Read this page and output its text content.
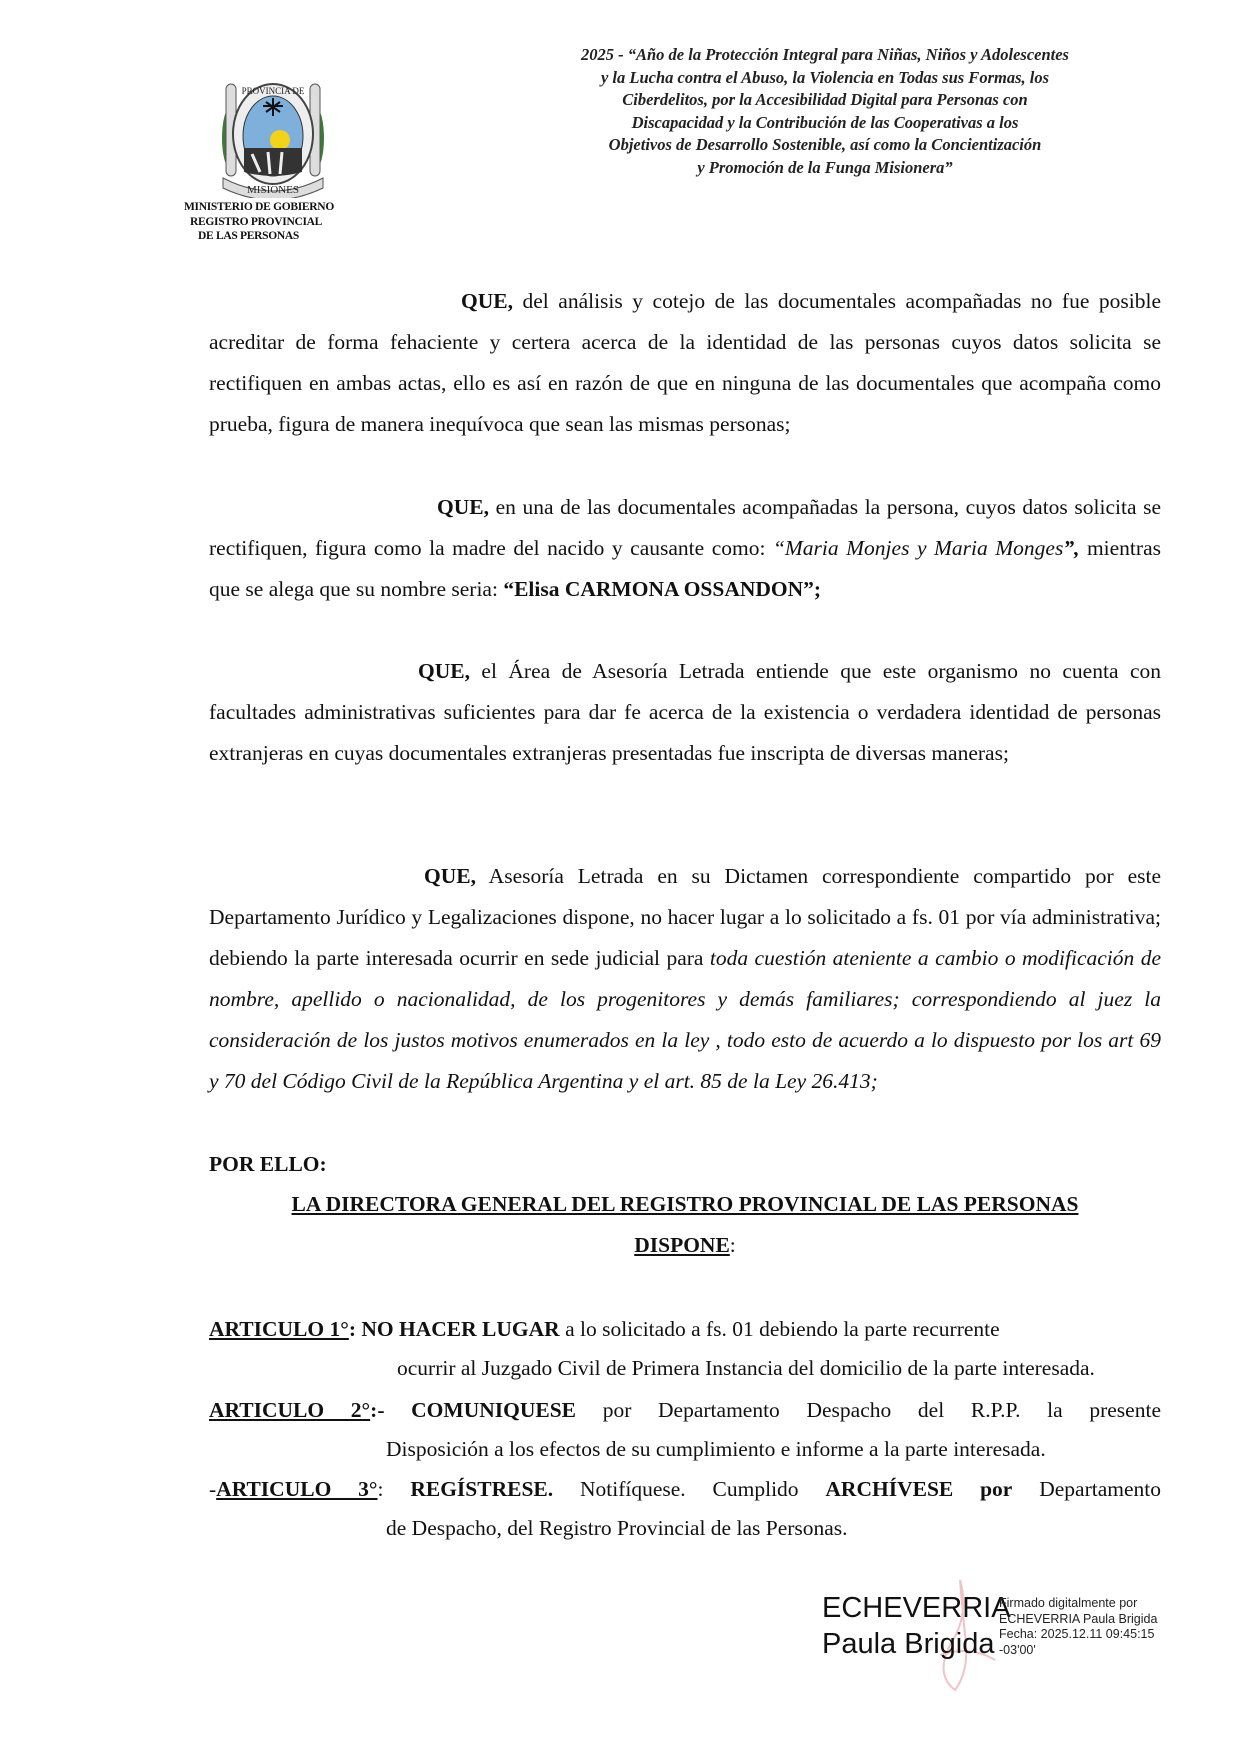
2025 - “Año de la Protección Integral para Niñas, Niños y Adolescentes
y la Lucha contra el Abuso, la Violencia en Todas sus Formas, los
Ciberdelitos, por la Accesibilidad Digital para Personas con
Discapacidad y la Contribución de las Cooperativas a los
Objetivos de Desarrollo Sostenible, así como la Concientización
y Promoción de la Funga Misionera”
MISIONES
PROVINCIA DE
MINISTERIO DE GOBIERNO
REGISTRO PROVINCIAL
DE LAS PERSONAS
QUE, del análisis y cotejo de las documentales acompañadas no fue posible acreditar de forma fehaciente y certera acerca de la identidad de las personas cuyos datos solicita se rectifiquen en ambas actas, ello es así en razón de que en ninguna de las documentales que acompaña como prueba, figura de manera inequívoca que sean las mismas personas;
QUE, en una de las documentales acompañadas la persona, cuyos datos solicita se rectifiquen, figura como la madre del nacido y causante como: “Maria Monjes y Maria Monges”, mientras que se alega que su nombre seria: “Elisa CARMONA OSSANDON”;
QUE, el Área de Asesoría Letrada entiende que este organismo no cuenta con facultades administrativas suficientes para dar fe acerca de la existencia o verdadera identidad de personas extranjeras en cuyas documentales extranjeras presentadas fue inscripta de diversas maneras;
QUE, Asesoría Letrada en su Dictamen correspondiente compartido por este Departamento Jurídico y Legalizaciones dispone, no hacer lugar a lo solicitado a fs. 01 por vía administrativa; debiendo la parte interesada ocurrir en sede judicial para toda cuestión ateniente a cambio o modificación de nombre, apellido o nacionalidad, de los progenitores y demás familiares; correspondiendo al juez la consideración de los justos motivos enumerados en la ley , todo esto de acuerdo a lo dispuesto por los art 69 y 70 del Código Civil de la República Argentina y el art. 85 de la Ley 26.413;
POR ELLO:
LA DIRECTORA GENERAL DEL REGISTRO PROVINCIAL DE LAS PERSONAS
DISPONE:
ARTICULO 1°: NO HACER LUGAR a lo solicitado a fs. 01 debiendo la parte recurrente
ocurrir al Juzgado Civil de Primera Instancia del domicilio de la parte interesada.
ARTICULO 2°:- COMUNIQUESE por Departamento Despacho del R.P.P. la presente
Disposición a los efectos de su cumplimiento e informe a la parte interesada.
-ARTICULO 3°: REGÍSTRESE. Notifíquese. Cumplido ARCHÍVESE por Departamento
de Despacho, del Registro Provincial de las Personas.
ECHEVERRIA
Paula Brigida
Firmado digitalmente por
ECHEVERRIA Paula Brigida
Fecha: 2025.12.11 09:45:15
-03'00'
